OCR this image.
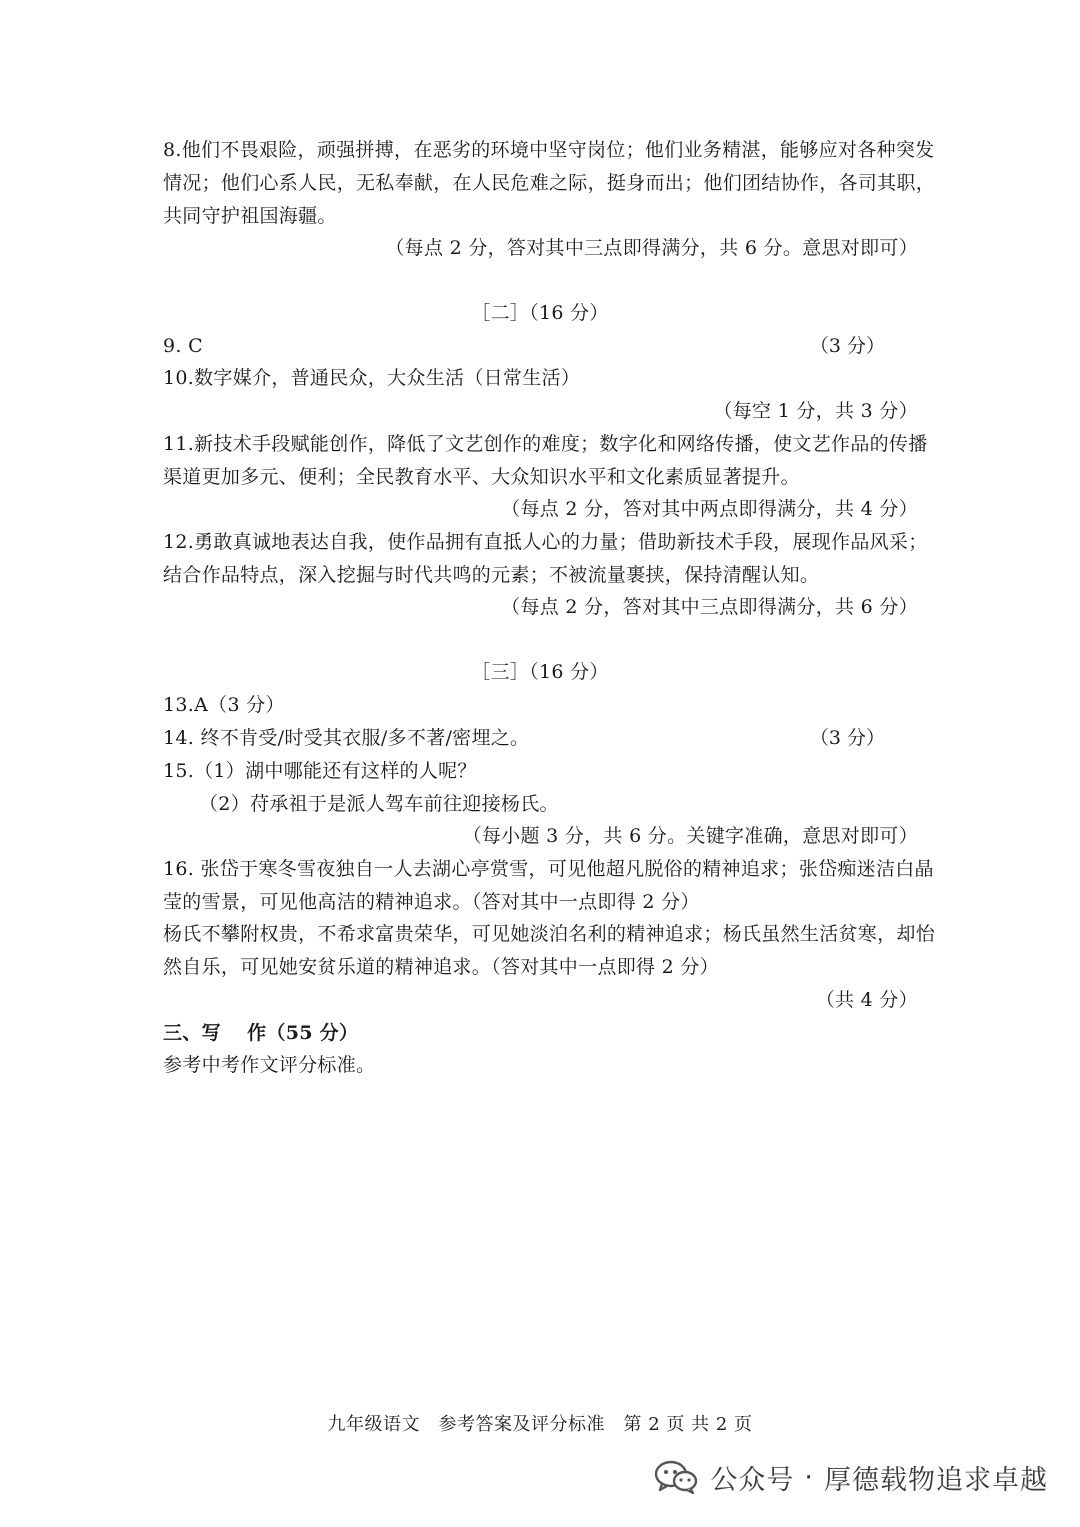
8.他们不畏艰险，顽强拼搏，在恶劣的环境中坚守岗位；他们业务精湛，能够应对各种突发
情况；他们心系人民，无私奉献，在人民危难之际，挺身而出；他们团结协作，各司其职，
共同守护祖国海疆。
（每点 2 分，答对其中三点即得满分，共 6 分。意思对即可）
［二］（16 分）
9. C	（3 分）
10.数字媒介，普通民众，大众生活（日常生活）
（每空 1 分，共 3 分）
11.新技术手段赋能创作，降低了文艺创作的难度；数字化和网络传播，使文艺作品的传播
渠道更加多元、便利；全民教育水平、大众知识水平和文化素质显著提升。
（每点 2 分，答对其中两点即得满分，共 4 分）
12.勇敢真诚地表达自我，使作品拥有直抵人心的力量；借助新技术手段，展现作品风采；
结合作品特点，深入挖掘与时代共鸣的元素；不被流量裹挟，保持清醒认知。
（每点 2 分，答对其中三点即得满分，共 6 分）
［三］（16 分）
13.A（3 分）
14. 终不肯受/时受其衣服/多不著/密埋之。	（3 分）
15.（1）湖中哪能还有这样的人呢？
（2）苻承祖于是派人驾车前往迎接杨氏。
（每小题 3 分，共 6 分。关键字准确，意思对即可）
16. 张岱于寒冬雪夜独自一人去湖心亭赏雪，可见他超凡脱俗的精神追求；张岱痴迷洁白晶
莹的雪景，可见他高洁的精神追求。（答对其中一点即得 2 分）
杨氏不攀附权贵，不希求富贵荣华，可见她淡泊名利的精神追求；杨氏虽然生活贫寒，却怡
然自乐，可见她安贫乐道的精神追求。（答对其中一点即得 2 分）
（共 4 分）
三、写　 作（55 分）
参考中考作文评分标准。
九年级语文　参考答案及评分标准　第 2 页 共 2 页
公众号 · 厚德载物追求卓越
